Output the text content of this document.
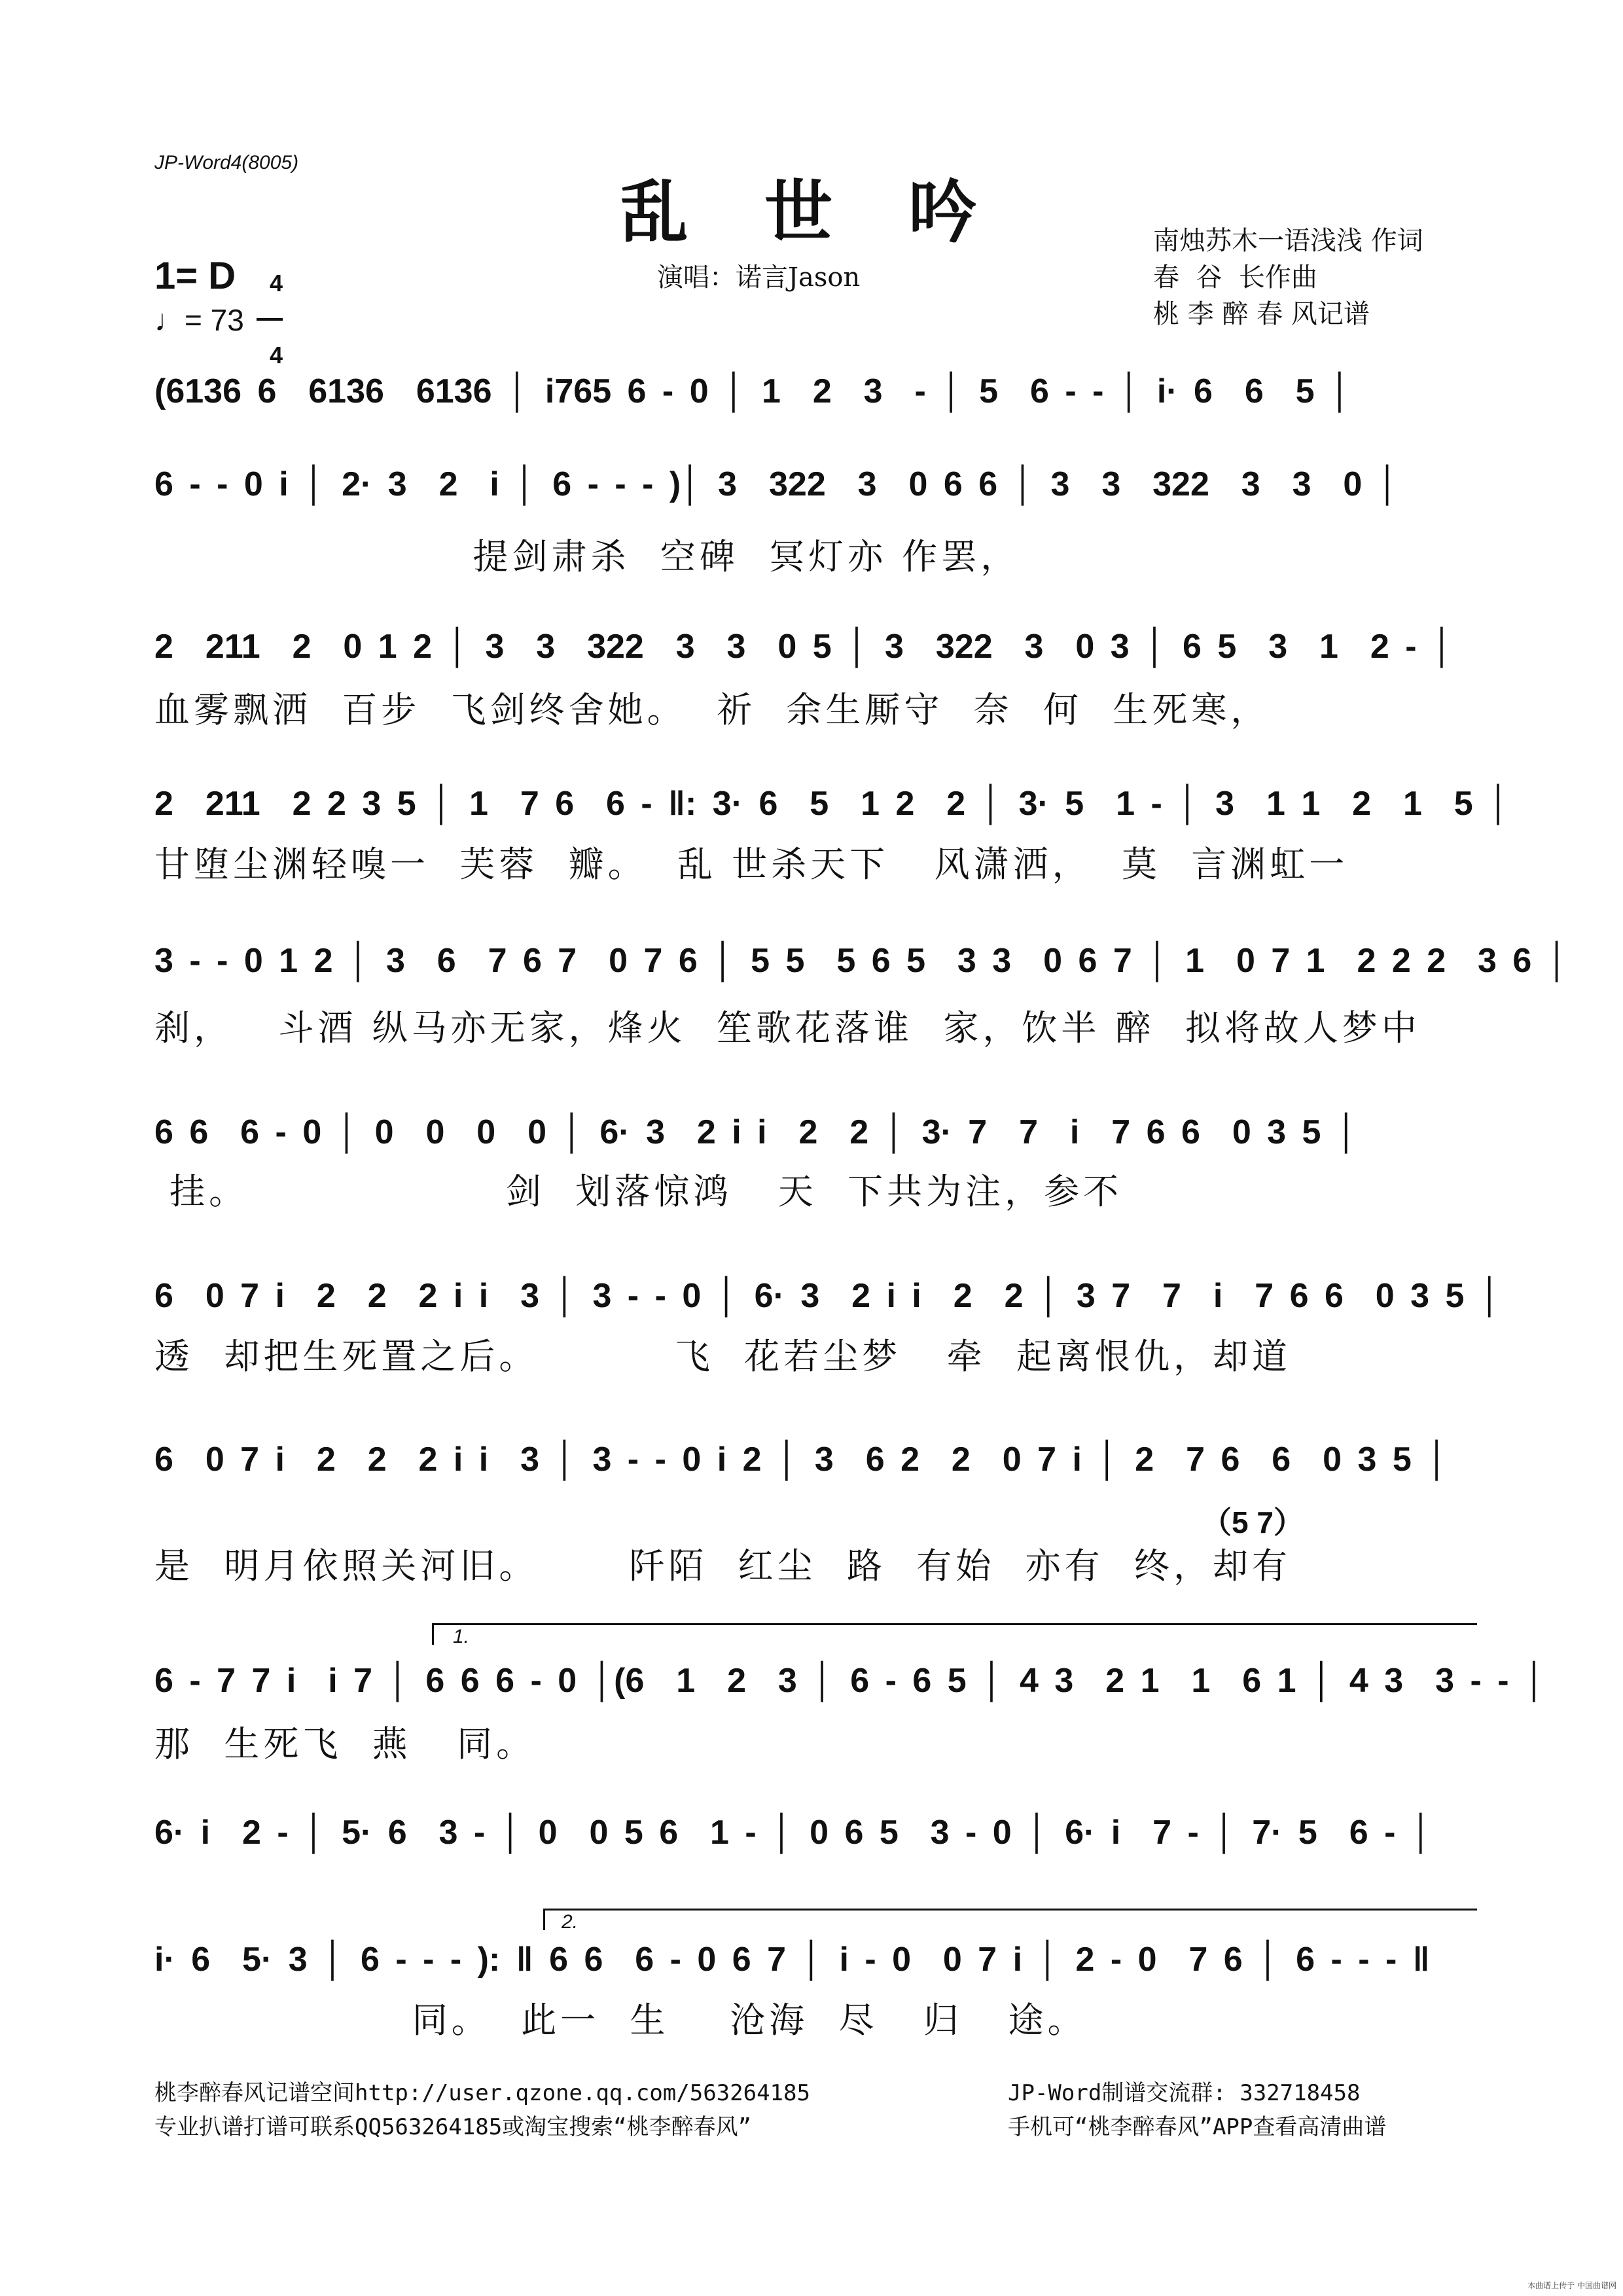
JP-Word4(8005)
乱 世 吟
1= D	4

4

♩= 73
演唱：诺言Jason
南烛苏木一语浅浅 作词
春  谷  长作曲
桃 李 醉 春 风记谱
(6136 6  6136  6136 │ i765 6 - 0 │ 1  2  3  - │ 5  6 - - │ i· 6  6  5 │
6 - - 0 i │ 2· 3  2  i │ 6 - - - )│ 3  322  3  0 6 6 │ 3  3  322  3  3  0 │
提剑肃杀  空碑  冥灯亦 作罢，
2  211  2  0 1 2 │ 3  3  322  3  3  0 5 │ 3  322  3  0 3 │ 6 5  3  1  2 - │
血雾飘洒  百步  飞剑终舍她。  祈  余生厮守  奈  何  生死寒，
2  211  2 2 3 5 │ 1  7 6  6 - ‖: 3· 6  5  1 2  2 │ 3· 5  1 - │ 3  1 1  2  1  5 │
甘堕尘渊轻嗅一  芙蓉  瓣。  乱 世杀天下   风潇洒，  莫  言渊虹一
3 - - 0 1 2 │ 3  6  7 6 7  0 7 6 │ 5 5  5 6 5  3 3  0 6 7 │ 1  0 7 1  2 2 2  3 6 │
刹，   斗酒 纵马亦无家，烽火  笙歌花落谁  家，饮半 醉  拟将故人梦中
6 6  6 - 0 │ 0  0  0  0 │ 6· 3  2 i i  2  2 │ 3· 7  7  i  7 6 6  0 3 5 │
挂。                 剑  划落惊鸿   天  下共为注，参不
6  0 7 i  2  2  2 i i  3 │ 3 - - 0 │ 6· 3  2 i i  2  2 │ 3 7  7  i  7 6 6  0 3 5 │
透  却把生死置之后。         飞  花若尘梦   牵  起离恨仇，却道
6  0 7 i  2  2  2 i i  3 │ 3 - - 0 i 2 │ 3  6 2  2  0 7 i │ 2  7 6  6  0 3 5 │
（5 7）
是  明月依照关河旧。      阡陌  红尘  路  有始  亦有  终，却有
1.
6 - 7 7 i  i 7 │ 6 6 6 - 0 │(6  1  2  3 │ 6 - 6 5 │ 4 3  2 1  1  6 1 │ 4 3  3 - - │
那  生死飞  燕   同。
6· i  2 - │ 5· 6  3 - │ 0  0 5 6  1 - │ 0 6 5  3 - 0 │ 6· i  7 - │ 7· 5  6 - │
2.
i· 6  5· 3 │ 6 - - - ): ‖ 6 6  6 - 0 6 7 │ i - 0  0 7 i │ 2 - 0  7 6 │ 6 - - - ‖
同。  此一  生    沧海  尽   归   途。
桃李醉春风记谱空间http://user.qzone.qq.com/563264185
专业扒谱打谱可联系QQ563264185或淘宝搜索“桃李醉春风”
JP-Word制谱交流群: 332718458
手机可“桃李醉春风”APP查看高清曲谱
本曲谱上传于 中国曲谱网
